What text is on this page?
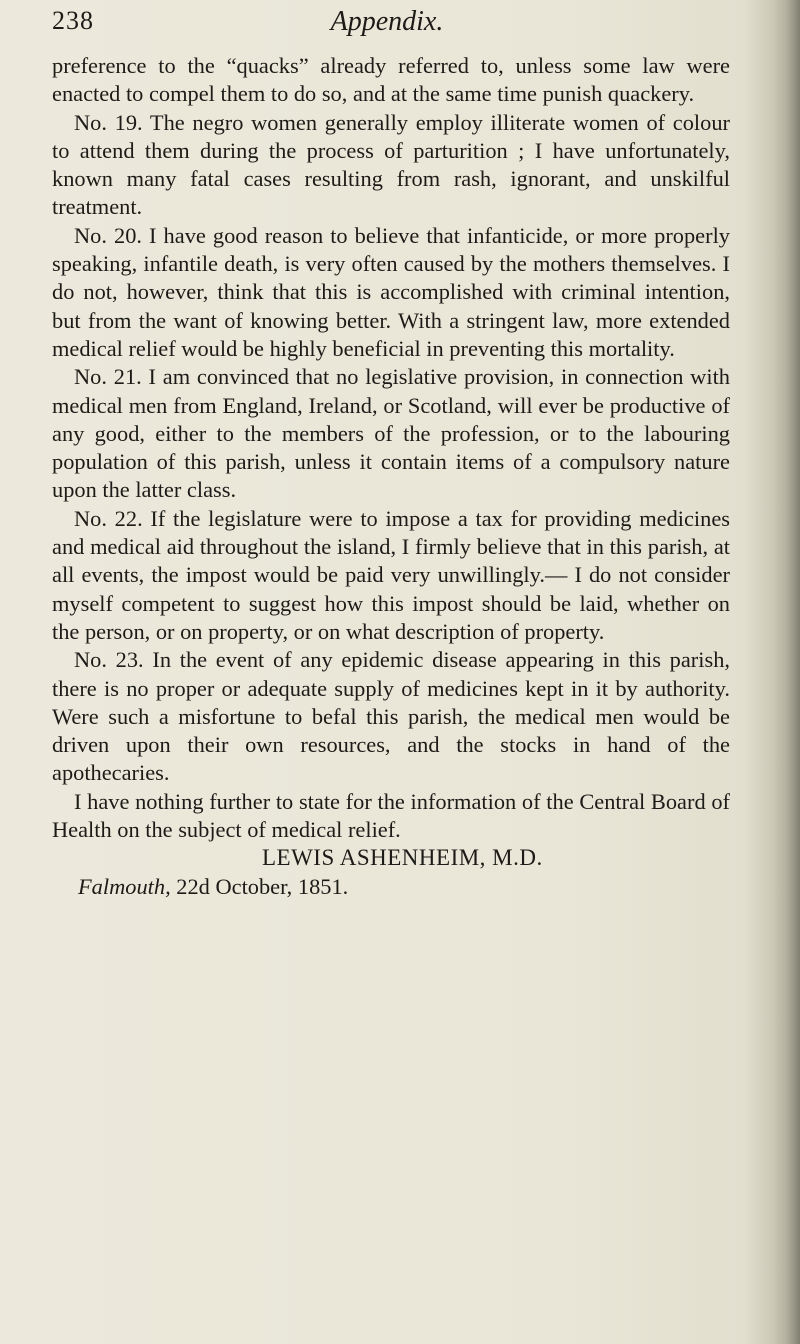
238	Appendix.

preference to the “quacks” already referred to, unless some law were enacted to compel them to do so, and at the same time punish quackery.

No. 19. The negro women generally employ illiterate women of colour to attend them during the process of parturition ; I have unfortunately, known many fatal cases resulting from rash, ignorant, and unskilful treatment.

No. 20. I have good reason to believe that infanticide, or more properly speaking, infantile death, is very often caused by the mothers themselves. I do not, however, think that this is accomplished with criminal intention, but from the want of knowing better. With a stringent law, more extended medical relief would be highly beneficial in preventing this mortality.

No. 21. I am convinced that no legislative provision, in connection with medical men from England, Ireland, or Scotland, will ever be productive of any good, either to the members of the profession, or to the labouring population of this parish, unless it contain items of a compulsory nature upon the latter class.

No. 22. If the legislature were to impose a tax for providing medicines and medical aid throughout the island, I firmly believe that in this parish, at all events, the impost would be paid very unwillingly.— I do not consider myself competent to suggest how this impost should be laid, whether on the person, or on property, or on what description of property.

No. 23. In the event of any epidemic disease appearing in this parish, there is no proper or adequate supply of medicines kept in it by authority. Were such a misfortune to befal this parish, the medical men would be driven upon their own resources, and the stocks in hand of the apothecaries.

I have nothing further to state for the information of the Central Board of Health on the subject of medical relief.

LEWIS ASHENHEIM, M.D.
Falmouth, 22d October, 1851.
